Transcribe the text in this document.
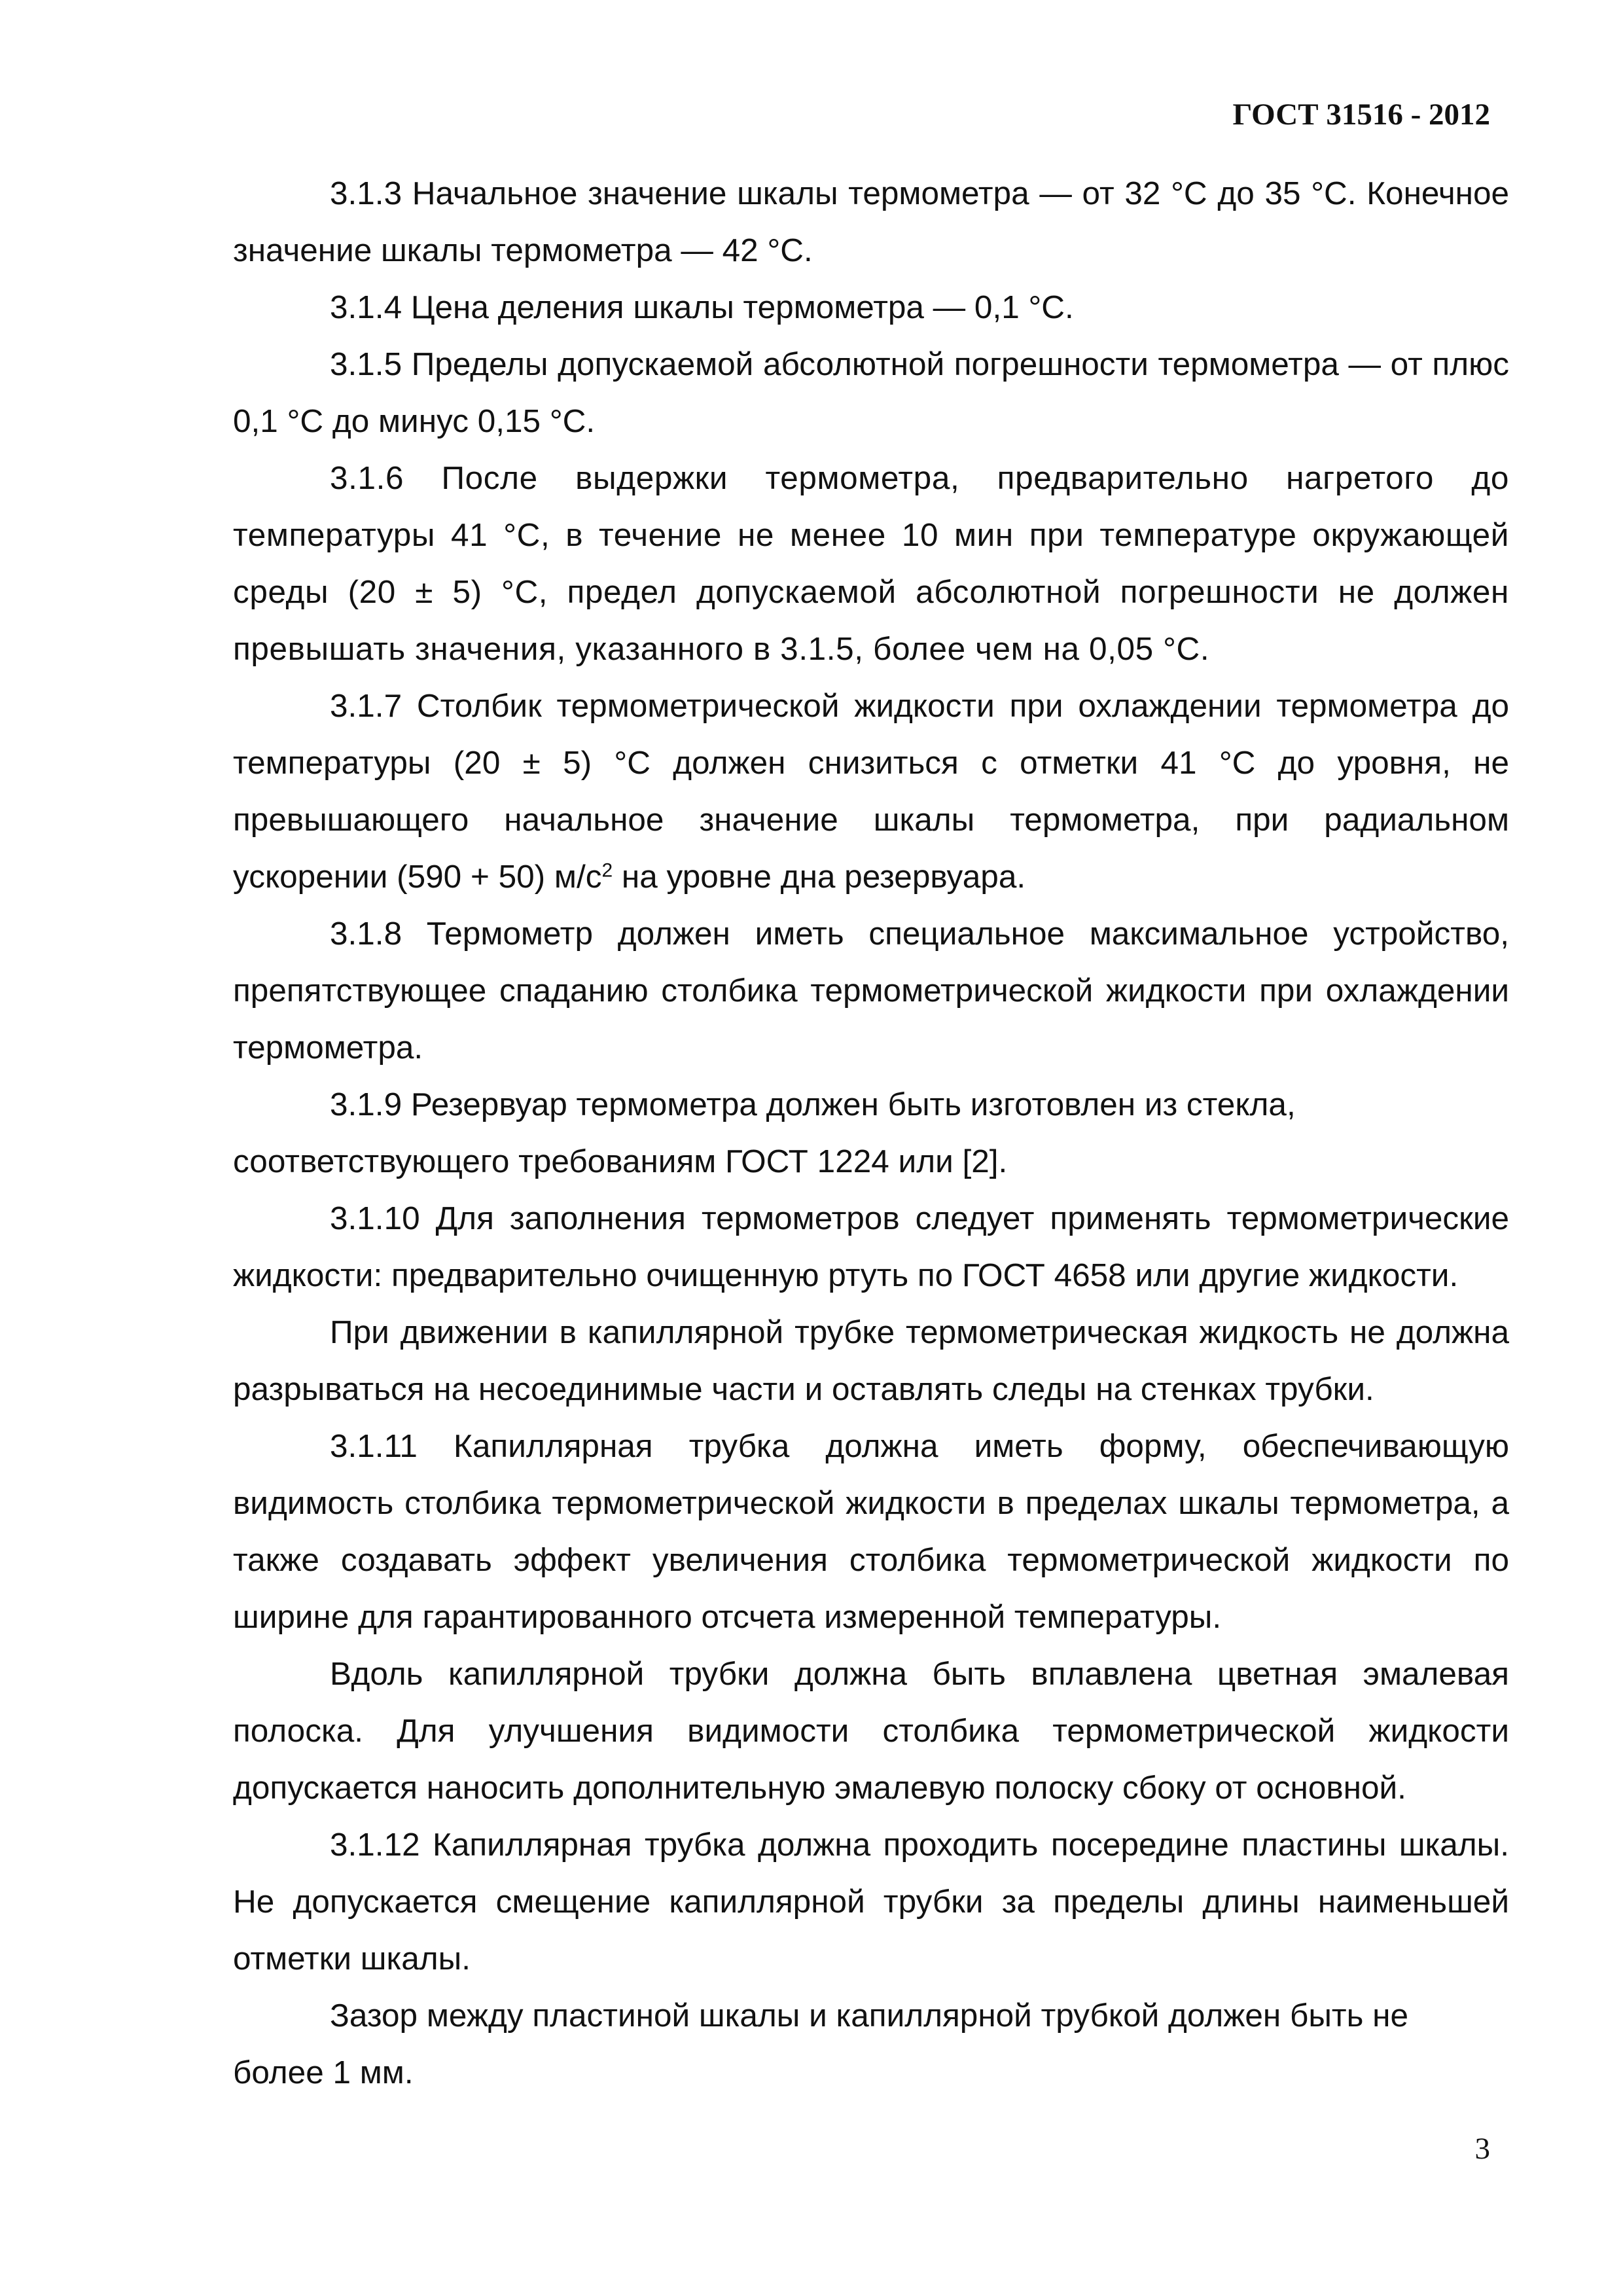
ГОСТ 31516 - 2012

3.1.3 Начальное значение шкалы термометра — от 32 °С до 35 °С. Конечное значение шкалы термометра — 42 °С.

3.1.4 Цена деления шкалы термометра — 0,1 °С.

3.1.5 Пределы допускаемой абсолютной погрешности термометра — от плюс 0,1 °С до минус 0,15 °С.

3.1.6 После выдержки термометра, предварительно нагретого до температуры 41 °С, в течение не менее 10 мин при температуре окружающей среды (20 ± 5) °С, предел допускаемой абсолютной погрешности не должен превышать значения, указанного в 3.1.5, более чем на 0,05 °С.

3.1.7 Столбик термометрической жидкости при охлаждении термометра до температуры (20 ± 5) °С должен снизиться с отметки 41 °С до уровня, не превышающего начальное значение шкалы термометра, при радиальном ускорении (590 + 50) $м/с^2$ на уровне дна резервуара.

3.1.8 Термометр должен иметь специальное максимальное устройство, препятствующее спаданию столбика термометрической жидкости при охлаждении термометра.

3.1.9 Резервуар термометра должен быть изготовлен из стекла,

соответствующего требованиям ГОСТ 1224 или [2].

3.1.10 Для заполнения термометров следует применять термометрические жидкости: предварительно очищенную ртуть по ГОСТ 4658 или другие жидкости.

При движении в капиллярной трубке термометрическая жидкость не должна разрываться на несоединимые части и оставлять следы на стенках трубки.

3.1.11 Капиллярная трубка должна иметь форму, обеспечивающую видимость столбика термометрической жидкости в пределах шкалы термометра, а также создавать эффект увеличения столбика термометрической жидкости по ширине для гарантированного отсчета измеренной температуры.

Вдоль капиллярной трубки должна быть вплавлена цветная эмалевая полоска. Для улучшения видимости столбика термометрической жидкости допускается наносить дополнительную эмалевую полоску сбоку от основной.

3.1.12 Капиллярная трубка должна проходить посередине пластины шкалы. Не допускается смещение капиллярной трубки за пределы длины наименьшей отметки шкалы.

Зазор между пластиной шкалы и капиллярной трубкой должен быть не

более 1 мм.

3
